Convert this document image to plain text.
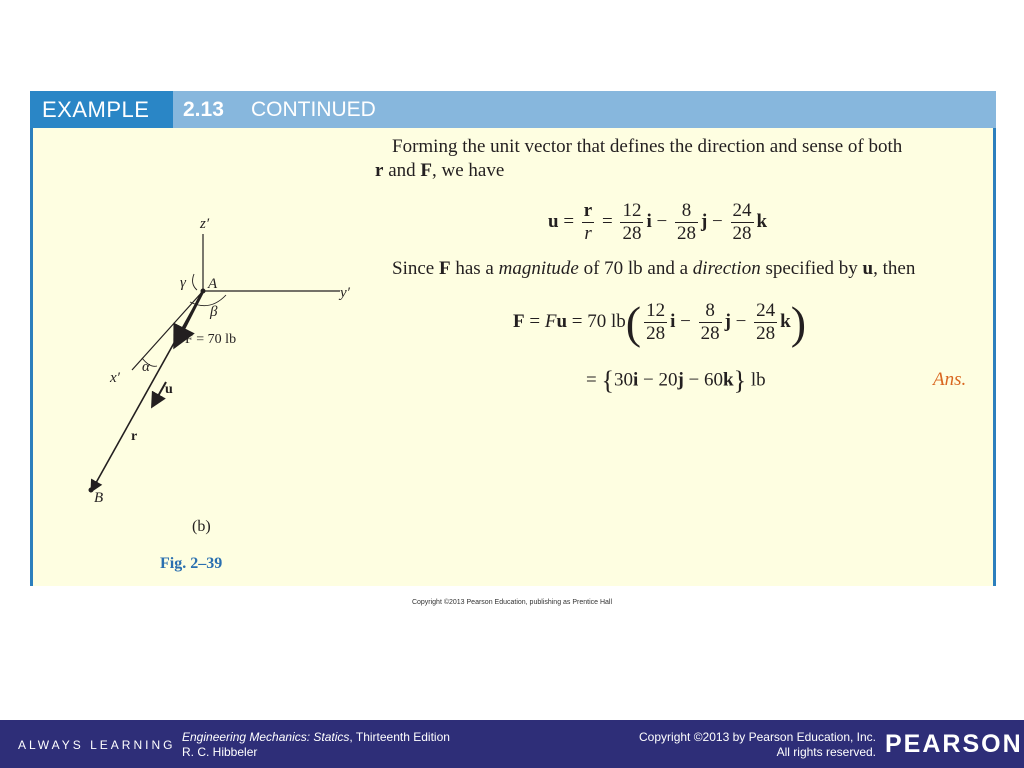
EXAMPLE	2.13 CONTINUED
Forming the unit vector that defines the direction and sense of both
r and F, we have
$u = \frac{r}{r} = \frac{12}{28}$ $i - \frac{8}{28}$ $j - \frac{24}{28}$ k
Since F has a magnitude of 70 lb and a direction specified by u, then
F = Fu = 70 $lb( \frac{12}{28}$ $i - \frac{8}{28}$ $j - \frac{24}{28} k$)
= {30i − 20j − 60k} lb	Ans.
z′
y′
x′
A
B
γ
β
α
F = 70 lb
u
r
(b)
Fig. 2–39
Copyright ©2013 Pearson Education, publishing as Prentice Hall
ALWAYS LEARNING
Engineering Mechanics: Statics, Thirteenth Edition
R. C. Hibbeler
Copyright ©2013 by Pearson Education, Inc.
All rights reserved. PEARSON
